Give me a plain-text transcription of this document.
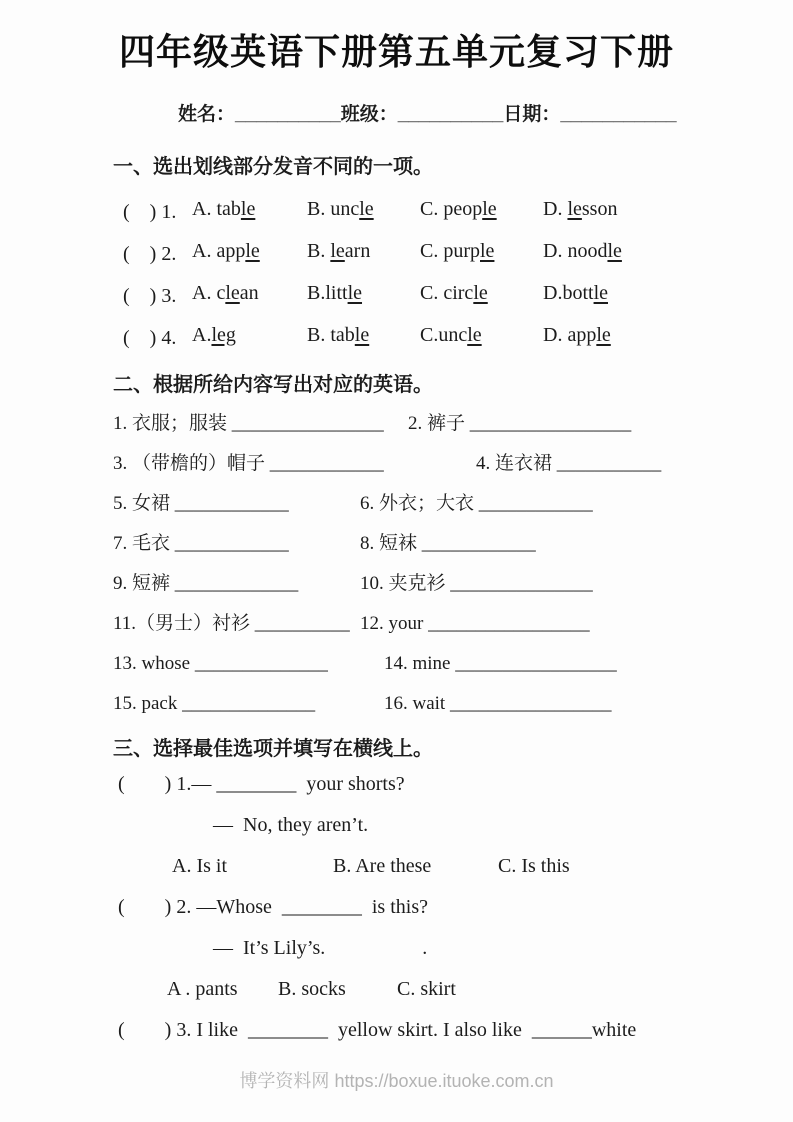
四年级英语下册第五单元复习下册
姓名：__________班级：__________日期：___________
一、选出划线部分发音不同的一项。
(　) 1. A. table	B. uncle	C. people	D. lesson
(　) 2. A. apple	B. learn	C. purple	D. noodle
(　) 3. A. clean	B.little	C. circle	D.bottle
(　) 4. A.leg	B. table	C.uncle	D. apple
二、根据所给内容写出对应的英语。
1. 衣服；服装 ________________	2. 裤子 _________________
3. （带檐的）帽子 ____________	4. 连衣裙 ___________
5. 女裙 ____________	6. 外衣；大衣 ____________
7. 毛衣 ____________	8. 短袜 ____________
9. 短裤 _____________	10. 夹克衫 _______________
11.（男士）衬衫 __________ 12. your _________________
13. whose ______________	14. mine _________________
15. pack ______________	16. wait _________________
三、选择最佳选项并填写在横线上。
(　　) 1.— ________  your shorts?
—  No, they aren’t.
A. Is it	B. Are these	C. Is this
(　　) 2. —Whose  ________  is this?
—  It’s Lily’s.	.
A . pants	B. socks	C. skirt
(　　) 3. I like  ________  yellow skirt. I also like  ______white
博学资料网 https://boxue.ituoke.com.cn
